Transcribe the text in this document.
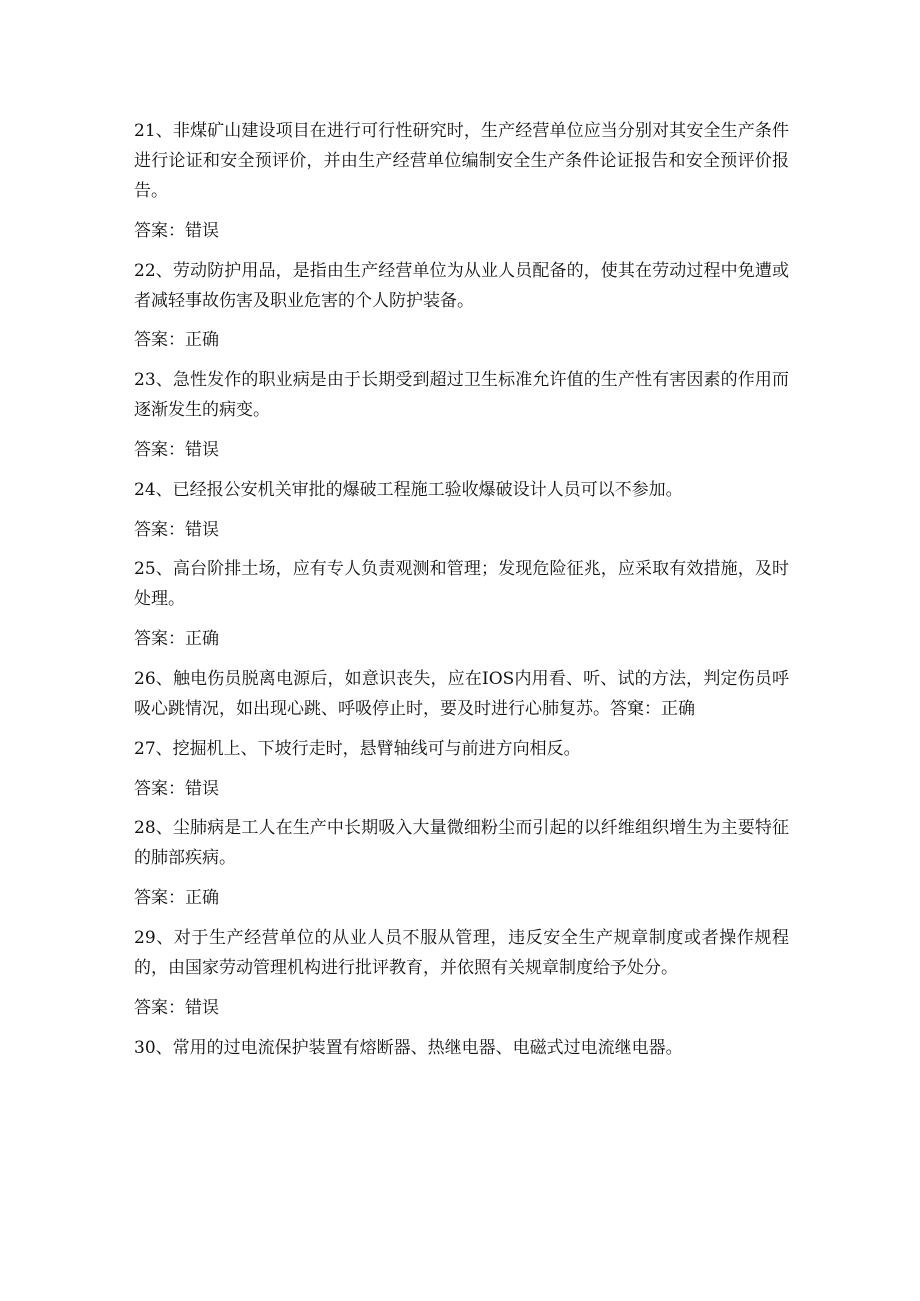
21、非煤矿山建设项目在进行可行性研究时，生产经营单位应当分别对其安全生产条件进行论证和安全预评价，并由生产经营单位编制安全生产条件论证报告和安全预评价报告。

答案：错误

22、劳动防护用品，是指由生产经营单位为从业人员配备的，使其在劳动过程中免遭或者减轻事故伤害及职业危害的个人防护装备。

答案：正确

23、急性发作的职业病是由于长期受到超过卫生标准允许值的生产性有害因素的作用而逐渐发生的病变。

答案：错误

24、已经报公安机关审批的爆破工程施工验收爆破设计人员可以不参加。

答案：错误

25、高台阶排土场，应有专人负责观测和管理；发现危险征兆，应采取有效措施，及时处理。

答案：正确

26、触电伤员脱离电源后，如意识丧失，应在IOS内用看、听、试的方法，判定伤员呼吸心跳情况，如出现心跳、呼吸停止时，要及时进行心肺复苏。答窠：正确

27、挖掘机上、下坡行走时，悬臂轴线可与前进方向相反。

答案：错误

28、尘肺病是工人在生产中长期吸入大量微细粉尘而引起的以纤维组织增生为主要特征的肺部疾病。

答案：正确

29、对于生产经营单位的从业人员不服从管理，违反安全生产规章制度或者操作规程的，由国家劳动管理机构进行批评教育，并依照有关规章制度给予处分。

答案：错误

30、常用的过电流保护装置有熔断器、热继电器、电磁式过电流继电器。
